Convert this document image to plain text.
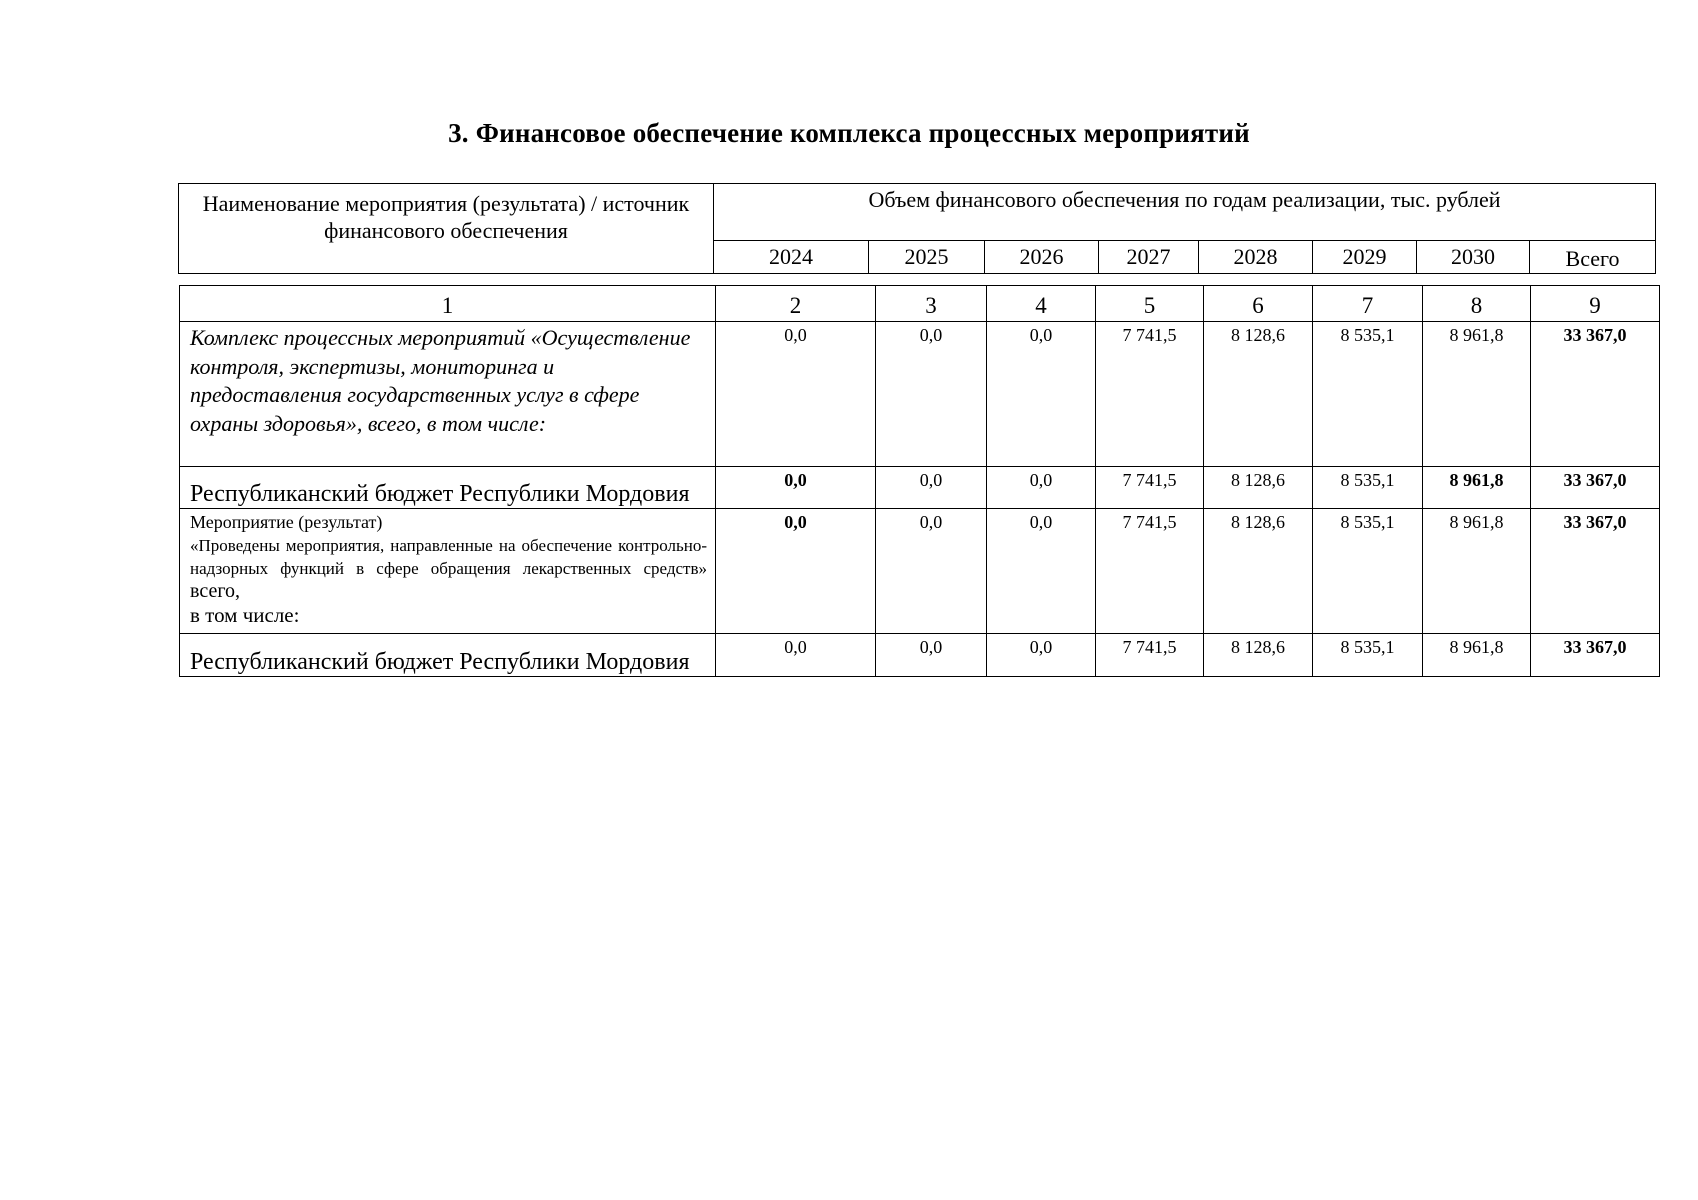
3. Финансовое обеспечение комплекса процессных мероприятий
Наименование мероприятия (результата) / источник финансового обеспечения	Объем финансового обеспечения по годам реализации, тыс. рублей							
	2024	2025	2026	2027	2028	2029	2030	Всего
1	2	3	4	5	6	7	8	9
Комплекс процессных мероприятий «Осуществление контроля, экспертизы, мониторинга и предоставления государственных услуг в сфере охраны здоровья», всего, в том числе:	0,0	0,0	0,0	7 741,5	8 128,6	8 535,1	8 961,8	33 367,0
Республиканский бюджет Республики Мордовия	0,0	0,0	0,0	7 741,5	8 128,6	8 535,1	8 961,8	33 367,0

Мероприятие (результат)
«Проведены мероприятия, направленные на обеспечение контрольно-надзорных функций в сфере обращения лекарственных средств» всего,
в том числе:	0,0	0,0	0,0	7 741,5	8 128,6	8 535,1	8 961,8	33 367,0
Республиканский бюджет Республики Мордовия	0,0	0,0	0,0	7 741,5	8 128,6	8 535,1	8 961,8	33 367,0
